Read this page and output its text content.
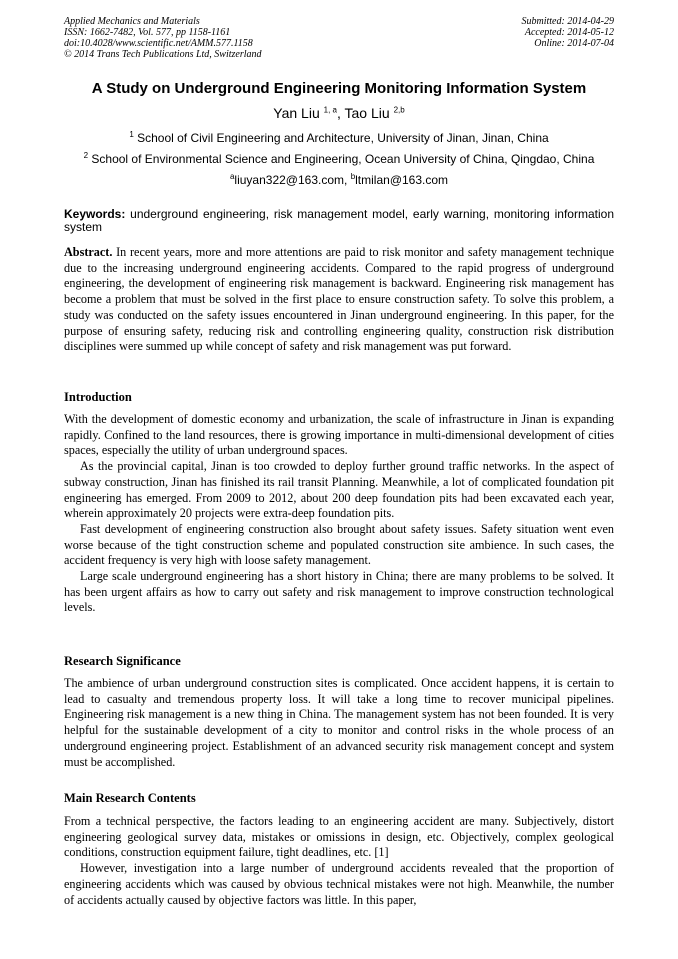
Applied Mechanics and Materials
ISSN: 1662-7482, Vol. 577, pp 1158-1161
doi:10.4028/www.scientific.net/AMM.577.1158
© 2014 Trans Tech Publications Ltd, Switzerland
Submitted: 2014-04-29
Accepted: 2014-05-12
Online: 2014-07-04
A Study on Underground Engineering Monitoring Information System
Yan Liu $^{1, a}$, Tao Liu $^{2,b}$
$^1$ School of Civil Engineering and Architecture, University of Jinan, Jinan, China
$^2$ School of Environmental Science and Engineering, Ocean University of China, Qingdao, China
$^a$liuyan322@163.com, $^b$ltmilan@163.com
Keywords: underground engineering, risk management model, early warning, monitoring information system

Abstract. In recent years, more and more attentions are paid to risk monitor and safety management technique due to the increasing underground engineering accidents. Compared to the rapid progress of underground engineering, the development of engineering risk management is backward. Engineering risk management has become a problem that must be solved in the first place to ensure construction safety. To solve this problem, a study was conducted on the safety issues encountered in Jinan underground engineering. In this paper, for the purpose of ensuring safety, reducing risk and controlling engineering quality, construction risk distribution disciplines were summed up while concept of safety and risk management was put forward.

Introduction

With the development of domestic economy and urbanization, the scale of infrastructure in Jinan is expanding rapidly. Confined to the land resources, there is growing importance in multi-dimensional development of cities spaces, especially the utility of urban underground spaces.

As the provincial capital, Jinan is too crowded to deploy further ground traffic networks. In the aspect of subway construction, Jinan has finished its rail transit Planning. Meanwhile, a lot of complicated foundation pit engineering has emerged. From 2009 to 2012, about 200 deep foundation pits had been excavated each year, wherein approximately 20 projects were extra-deep foundation pits.

Fast development of engineering construction also brought about safety issues. Safety situation went even worse because of the tight construction scheme and populated construction site ambience. In such cases, the accident frequency is very high with loose safety management.

Large scale underground engineering has a short history in China; there are many problems to be solved. It has been urgent affairs as how to carry out safety and risk management to improve construction technological levels.

Research Significance

The ambience of urban underground construction sites is complicated. Once accident happens, it is certain to lead to casualty and tremendous property loss. It will take a long time to recover municipal pipelines. Engineering risk management is a new thing in China. The management system has not been founded. It is very helpful for the sustainable development of a city to monitor and control risks in the whole process of an underground engineering project. Establishment of an advanced security risk management concept and system must be accomplished.

Main Research Contents

From a technical perspective, the factors leading to an engineering accident are many. Subjectively, distort engineering geological survey data, mistakes or omissions in design, etc. Objectively, complex geological conditions, construction equipment failure, tight deadlines, etc. [1]

However, investigation into a large number of underground accidents revealed that the proportion of engineering accidents which was caused by obvious technical mistakes were not high. Meanwhile, the number of accidents actually caused by objective factors was little. In this paper,
